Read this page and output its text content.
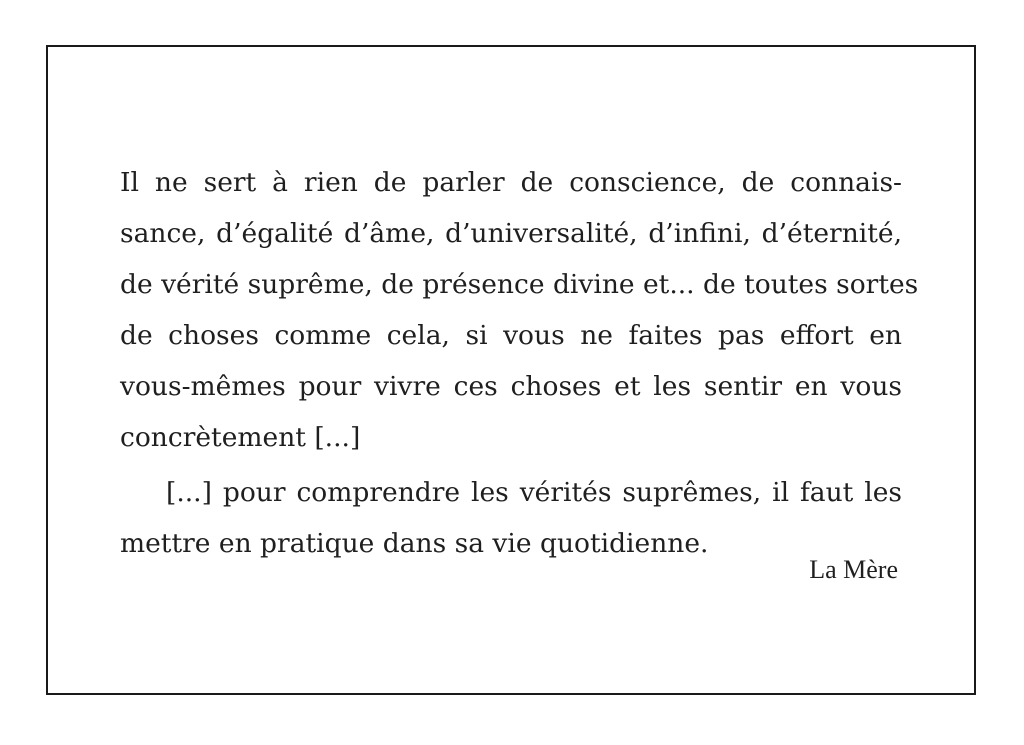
Il ne sert à rien de parler de conscience, de connais-
sance, d’égalité d’âme, d’universalité, d’infini, d’éternité,
de vérité suprême, de présence divine et... de toutes sortes
de choses comme cela, si vous ne faites pas effort en
vous-mêmes pour vivre ces choses et les sentir en vous
concrètement [...]
[...] pour comprendre les vérités suprêmes, il faut les
mettre en pratique dans sa vie quotidienne.
La Mère
